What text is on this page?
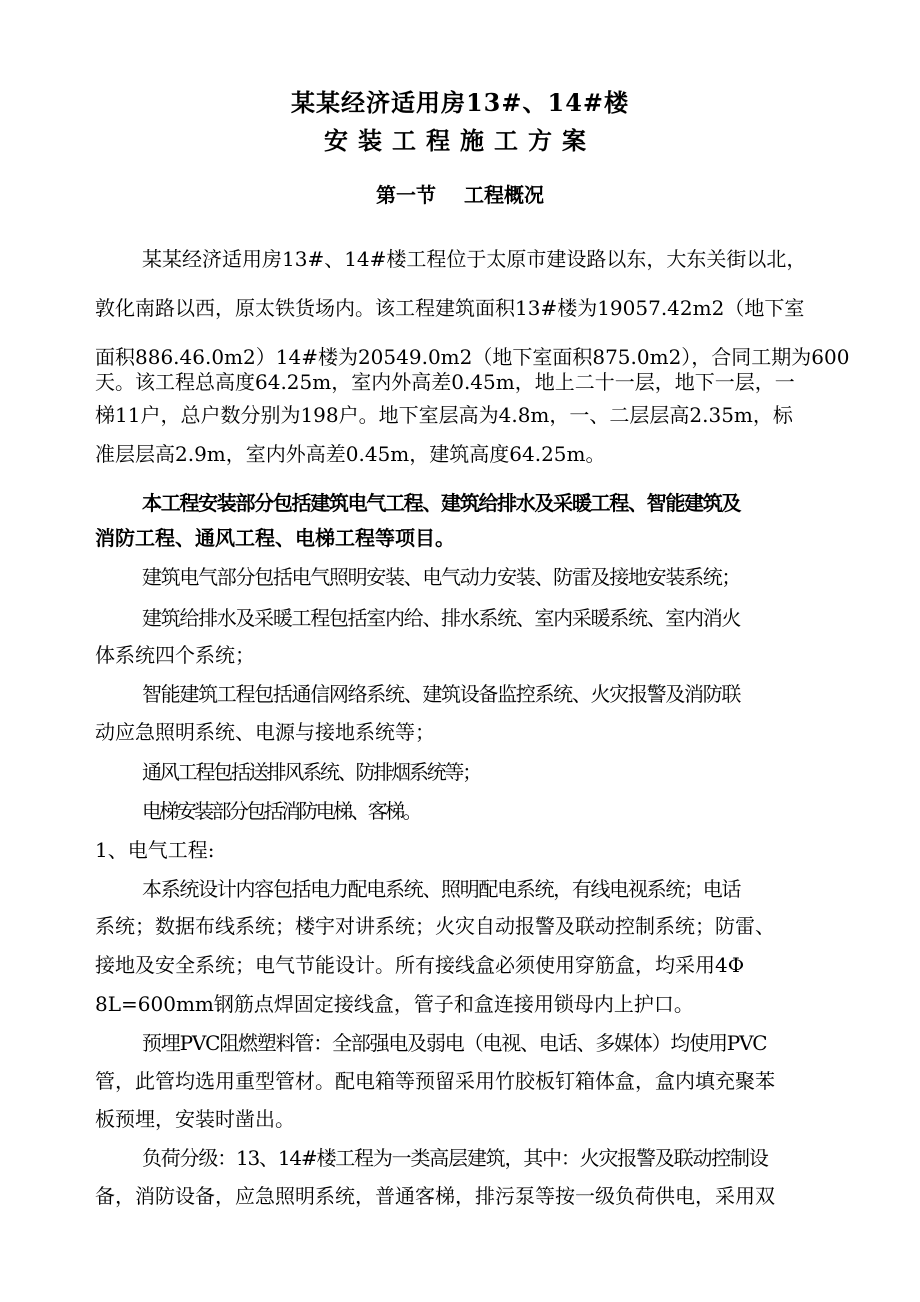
某某经济适用房13#、14#楼
安装工程施工方案
第一节 工程概况
某某经济适用房13#、14#楼工程位于太原市建设路以东，大东关街以北，
敦化南路以西，原太铁货场内。该工程建筑面积13#楼为19057.42m2（地下室
面积886.46.0m2）14#楼为20549.0m2（地下室面积875.0m2），合同工期为600
天。该工程总高度64.25m，室内外高差0.45m，地上二十一层，地下一层，一
梯11户，总户数分别为198户。地下室层高为4.8m，一、二层层高2.35m，标
准层层高2.9m，室内外高差0.45m，建筑高度64.25m。
本工程安装部分包括建筑电气工程、建筑给排水及采暖工程、智能建筑及
消防工程、通风工程、电梯工程等项目。
建筑电气部分包括电气照明安装、电气动力安装、防雷及接地安装系统；
建筑给排水及采暖工程包括室内给、排水系统、室内采暖系统、室内消火
体系统四个系统；
智能建筑工程包括通信网络系统、建筑设备监控系统、火灾报警及消防联
动应急照明系统、电源与接地系统等；
通风工程包括送排风系统、防排烟系统等；
电梯安装部分包括消防电梯、客梯。
1、电气工程:
本系统设计内容包括电力配电系统、照明配电系统，有线电视系统；电话
系统；数据布线系统；楼宇对讲系统；火灾自动报警及联动控制系统；防雷、
接地及安全系统；电气节能设计。所有接线盒必须使用穿筋盒，均采用4Φ
8L=600mm钢筋点焊固定接线盒，管子和盒连接用锁母内上护口。
预埋PVC阻燃塑料管：全部强电及弱电（电视、电话、多媒体）均使用PVC
管，此管均选用重型管材。配电箱等预留采用竹胶板钉箱体盒，盒内填充聚苯
板预埋，安装时凿出。
负荷分级：13、14#楼工程为一类高层建筑，其中：火灾报警及联动控制设
备，消防设备，应急照明系统，普通客梯，排污泵等按一级负荷供电，采用双
